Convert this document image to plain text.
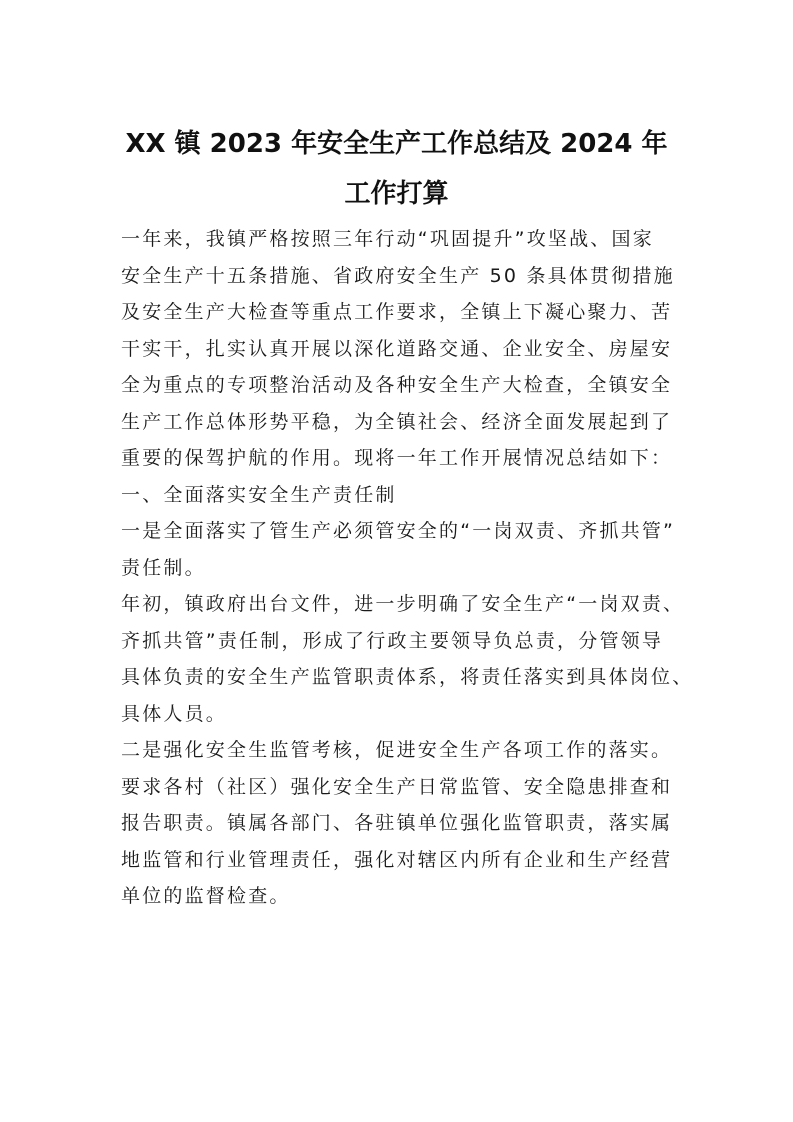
XX 镇 2023 年安全生产工作总结及 2024 年
工作打算
一年来，我镇严格按照三年行动“巩固提升”攻坚战、国家
安全生产十五条措施、省政府安全生产 50 条具体贯彻措施
及安全生产大检查等重点工作要求，全镇上下凝心聚力、苦
干实干，扎实认真开展以深化道路交通、企业安全、房屋安
全为重点的专项整治活动及各种安全生产大检查，全镇安全
生产工作总体形势平稳，为全镇社会、经济全面发展起到了
重要的保驾护航的作用。现将一年工作开展情况总结如下：
一、全面落实安全生产责任制
一是全面落实了管生产必须管安全的“一岗双责、齐抓共管”
责任制。
年初，镇政府出台文件，进一步明确了安全生产“一岗双责、
齐抓共管”责任制，形成了行政主要领导负总责，分管领导
具体负责的安全生产监管职责体系，将责任落实到具体岗位、
具体人员。
二是强化安全生监管考核，促进安全生产各项工作的落实。
要求各村（社区）强化安全生产日常监管、安全隐患排查和
报告职责。镇属各部门、各驻镇单位强化监管职责，落实属
地监管和行业管理责任，强化对辖区内所有企业和生产经营
单位的监督检查。
